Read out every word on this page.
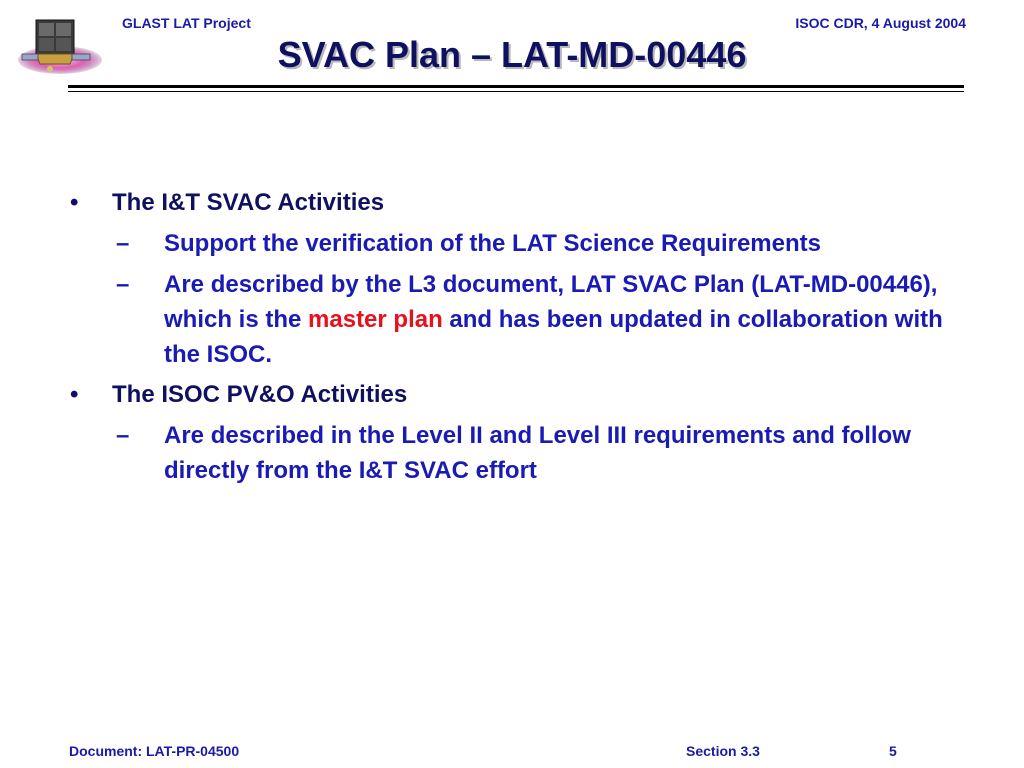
GLAST LAT Project	ISOC CDR, 4 August 2004
SVAC Plan – LAT-MD-00446
• The I&T SVAC Activities
– Support the verification of the LAT Science Requirements
– Are described by the L3 document, LAT SVAC Plan (LAT-MD-00446), which is the master plan and has been updated in collaboration with the ISOC.
• The ISOC PV&O Activities
– Are described in the Level II and Level III requirements and follow directly from the I&T SVAC effort
Document: LAT-PR-04500	Section 3.3	5
